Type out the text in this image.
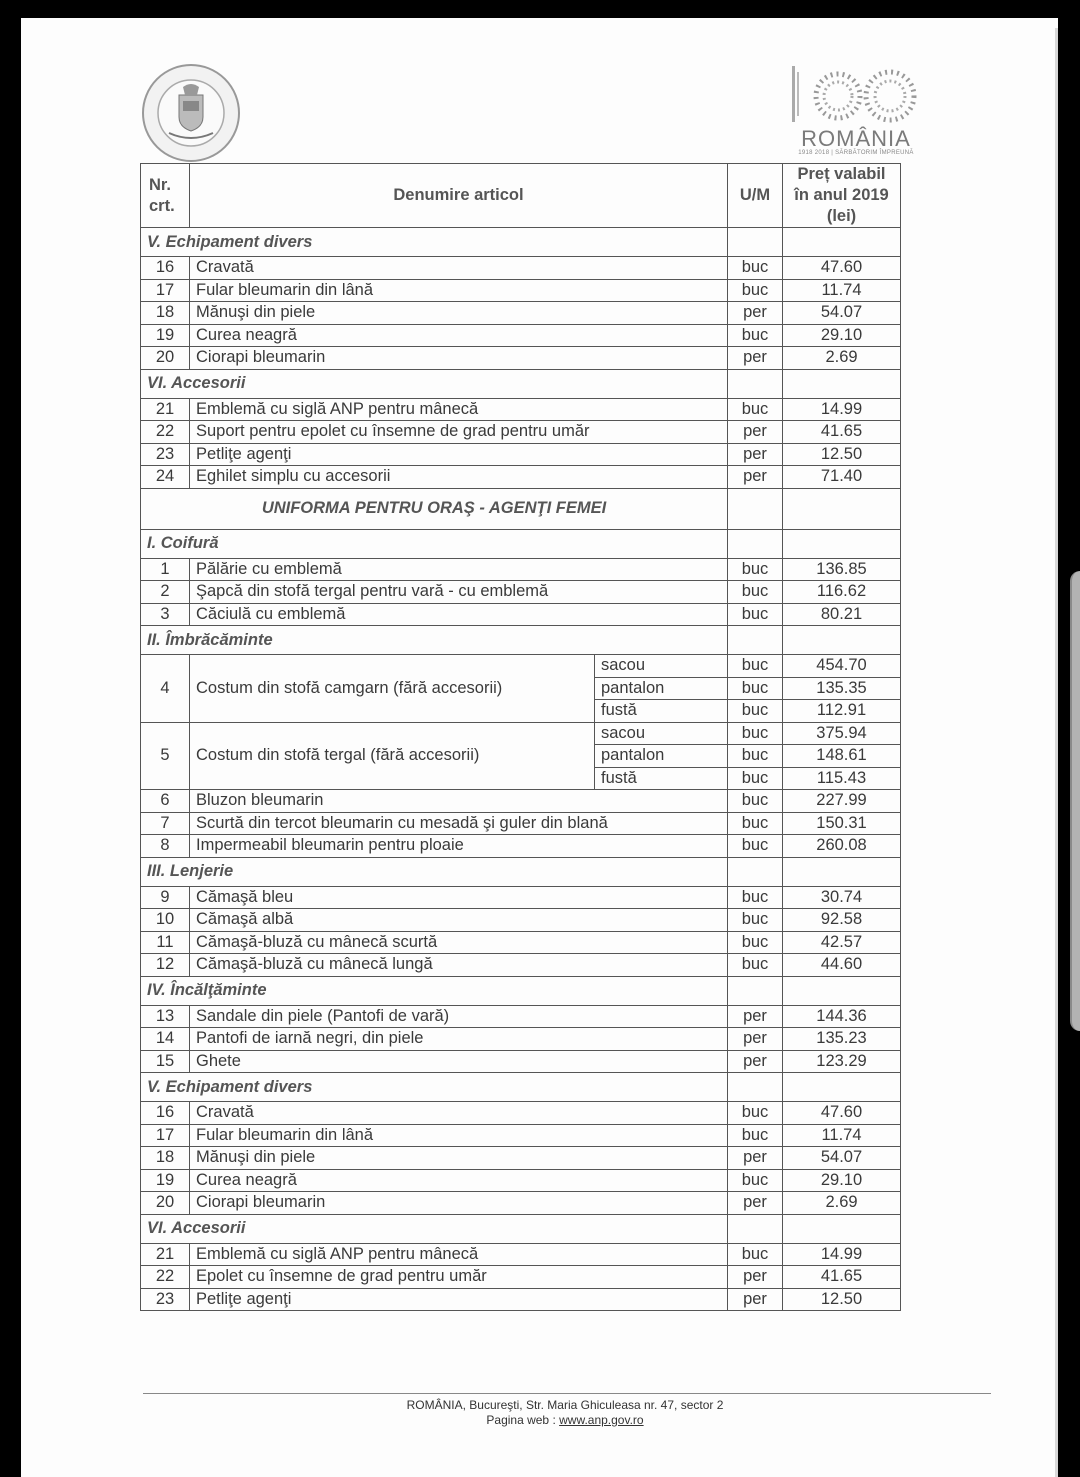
ROMÂNIA
1918 2018 | SĂRBĂTORIM ÎMPREUNĂ
Nr. crt.	Denumire articol		U/M	Preț valabil în anul 2019 (lei)
V. Echipament divers				
16	Cravată		buc	47.60
17	Fular bleumarin din lână		buc	11.74
18	Mănuşi din piele		per	54.07
19	Curea neagră		buc	29.10
20	Ciorapi bleumarin		per	2.69
VI. Accesorii				
21	Emblemă cu siglă ANP pentru mânecă		buc	14.99
22	Suport pentru epolet cu însemne de grad pentru umăr		per	41.65
23	Petliţe agenţi		per	12.50
24	Eghilet simplu cu accesorii		per	71.40
UNIFORMA PENTRU ORAŞ - AGENŢI FEMEI				
I. Coifură				
1	Pălărie cu emblemă		buc	136.85
2	Şapcă din stofă tergal pentru vară - cu emblemă		buc	116.62
3	Căciulă cu emblemă		buc	80.21
II. Îmbrăcăminte				
4	Costum din stofă camgarn (fără accesorii)	sacou	buc	454.70
		pantalon	buc	135.35
		fustă	buc	112.91
5	Costum din stofă tergal (fără accesorii)	sacou	buc	375.94
		pantalon	buc	148.61
		fustă	buc	115.43
6	Bluzon bleumarin		buc	227.99
7	Scurtă din tercot bleumarin cu mesadă şi guler din blană		buc	150.31
8	Impermeabil bleumarin pentru ploaie		buc	260.08
III. Lenjerie				
9	Cămaşă bleu		buc	30.74
10	Cămaşă albă		buc	92.58
11	Cămaşă-bluză cu mânecă scurtă		buc	42.57
12	Cămaşă-bluză cu mânecă lungă		buc	44.60
IV. Încălţăminte				
13	Sandale din piele (Pantofi de vară)		per	144.36
14	Pantofi de iarnă negri, din piele		per	135.23
15	Ghete		per	123.29
V. Echipament divers				
16	Cravată		buc	47.60
17	Fular bleumarin din lână		buc	11.74
18	Mănuşi din piele		per	54.07
19	Curea neagră		buc	29.10
20	Ciorapi bleumarin		per	2.69
VI. Accesorii				
21	Emblemă cu siglă ANP pentru mânecă		buc	14.99
22	Epolet cu însemne de grad pentru umăr		per	41.65
23	Petliţe agenţi		per	12.50
ROMÂNIA, Bucureşti, Str. Maria Ghiculeasa nr. 47, sector 2
Pagina web : www.anp.gov.ro
